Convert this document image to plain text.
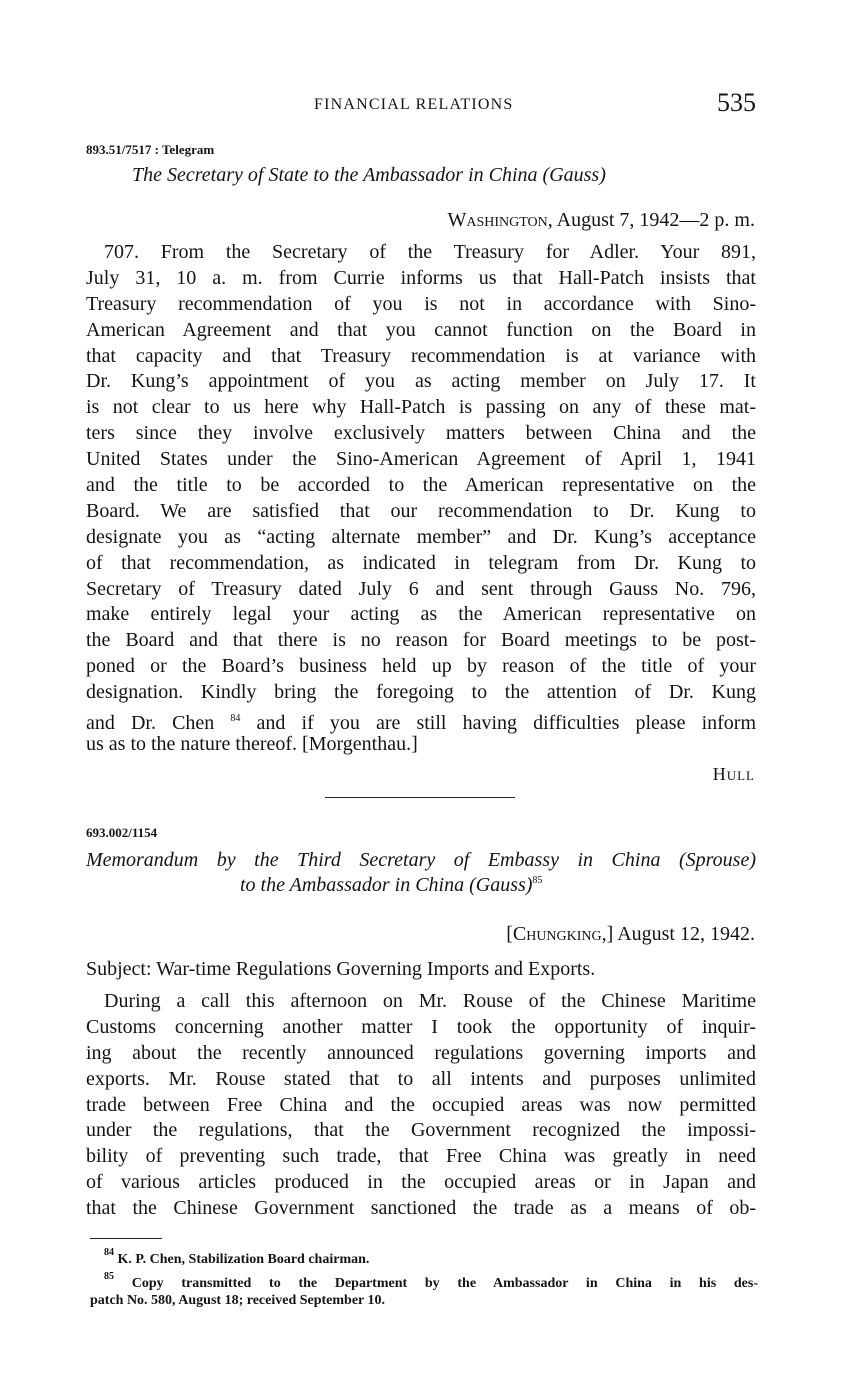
FINANCIAL RELATIONS	535
893.51/7517 : Telegram
The Secretary of State to the Ambassador in China (Gauss)
Washington, August 7, 1942—2 p. m.
707. From the Secretary of the Treasury for Adler. Your 891,
July 31, 10 a. m. from Currie informs us that Hall-Patch insists that
Treasury recommendation of you is not in accordance with Sino-
American Agreement and that you cannot function on the Board in
that capacity and that Treasury recommendation is at variance with
Dr. Kung’s appointment of you as acting member on July 17. It
is not clear to us here why Hall-Patch is passing on any of these mat-
ters since they involve exclusively matters between China and the
United States under the Sino-American Agreement of April 1, 1941
and the title to be accorded to the American representative on the
Board. We are satisfied that our recommendation to Dr. Kung to
designate you as “acting alternate member” and Dr. Kung’s acceptance
of that recommendation, as indicated in telegram from Dr. Kung to
Secretary of Treasury dated July 6 and sent through Gauss No. 796,
make entirely legal your acting as the American representative on
the Board and that there is no reason for Board meetings to be post-
poned or the Board’s business held up by reason of the title of your
designation. Kindly bring the foregoing to the attention of Dr. Kung
and Dr. Chen $^{84}$ and if you are still having difficulties please inform
us as to the nature thereof. [Morgenthau.]
Hull
693.002/1154
Memorandum by the Third Secretary of Embassy in China (Sprouse)
to the Ambassador in China (Gauss)$^{85}$
[Chungking,] August 12, 1942.
Subject: War-time Regulations Governing Imports and Exports.
During a call this afternoon on Mr. Rouse of the Chinese Maritime
Customs concerning another matter I took the opportunity of inquir-
ing about the recently announced regulations governing imports and
exports. Mr. Rouse stated that to all intents and purposes unlimited
trade between Free China and the occupied areas was now permitted
under the regulations, that the Government recognized the impossi-
bility of preventing such trade, that Free China was greatly in need
of various articles produced in the occupied areas or in Japan and
that the Chinese Government sanctioned the trade as a means of ob-
$^{84}$ K. P. Chen, Stabilization Board chairman.
$^{85}$ Copy transmitted to the Department by the Ambassador in China in his des-
patch No. 580, August 18; received September 10.
